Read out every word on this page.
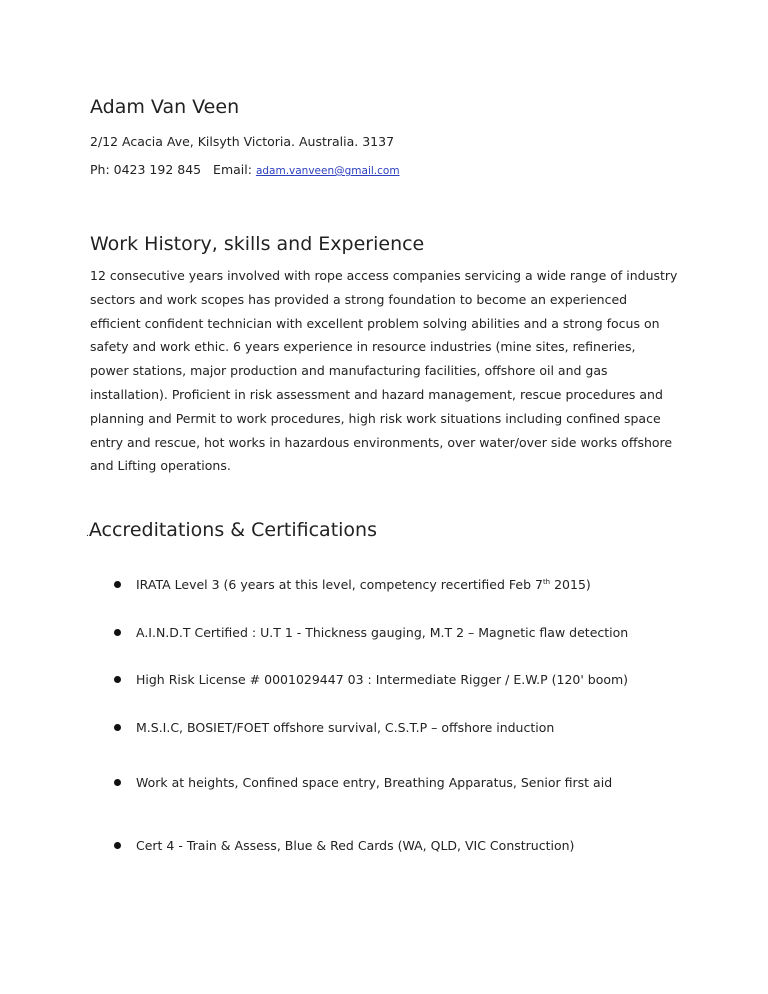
Adam Van Veen
2/12 Acacia Ave, Kilsyth Victoria. Australia. 3137
Ph: 0423 192 845 Email: adam.vanveen@gmail.com
Work History, skills and Experience
12 consecutive years involved with rope access companies servicing a wide range of industry
sectors and work scopes has provided a strong foundation to become an experienced
efficient confident technician with excellent problem solving abilities and a strong focus on
safety and work ethic. 6 years experience in resource industries (mine sites, refineries,
power stations, major production and manufacturing facilities, offshore oil and gas
installation). Proficient in risk assessment and hazard management, rescue procedures and
planning and Permit to work procedures, high risk work situations including confined space
entry and rescue, hot works in hazardous environments, over water/over side works offshore
and Lifting operations.
.Accreditations & Certifications
IRATA Level 3 (6 years at this level, competency recertified Feb 7th 2015)
A.I.N.D.T Certified : U.T 1 - Thickness gauging, M.T 2 – Magnetic flaw detection
High Risk License # 0001029447 03 : Intermediate Rigger / E.W.P (120' boom)
M.S.I.C, BOSIET/FOET offshore survival, C.S.T.P – offshore induction
Work at heights, Confined space entry, Breathing Apparatus, Senior first aid
Cert 4 - Train & Assess, Blue & Red Cards (WA, QLD, VIC Construction)
